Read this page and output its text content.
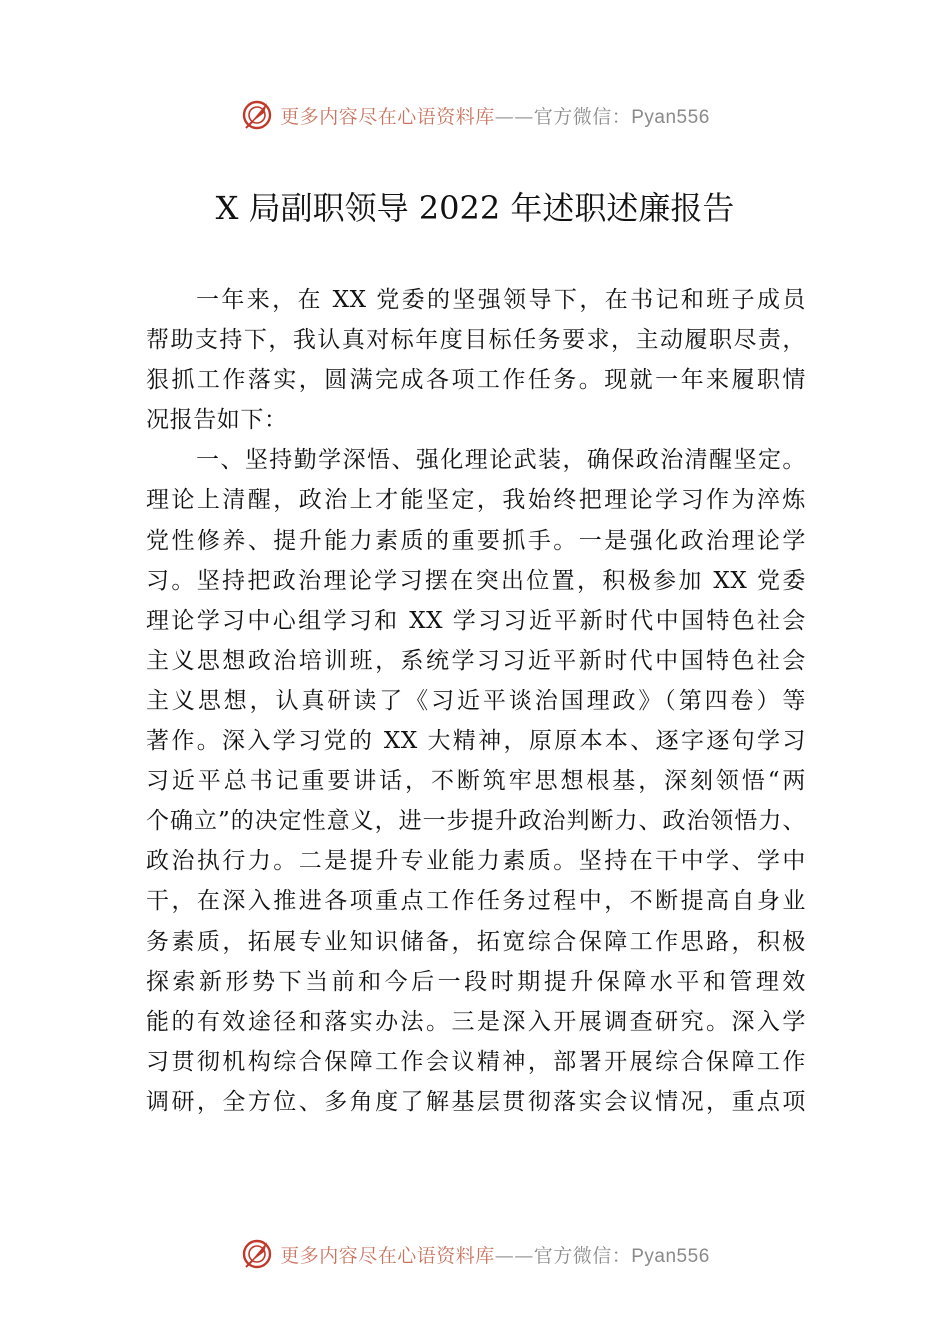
更多内容尽在心语资料库——官方微信：Pyan556
X 局副职领导 2022 年述职述廉报告
一年来，在 XX 党委的坚强领导下，在书记和班子成员
帮助支持下，我认真对标年度目标任务要求，主动履职尽责，
狠抓工作落实，圆满完成各项工作任务。现就一年来履职情
况报告如下：
一、坚持勤学深悟、强化理论武装，确保政治清醒坚定。
理论上清醒，政治上才能坚定，我始终把理论学习作为淬炼
党性修养、提升能力素质的重要抓手。一是强化政治理论学
习。坚持把政治理论学习摆在突出位置，积极参加 XX 党委
理论学习中心组学习和 XX 学习习近平新时代中国特色社会
主义思想政治培训班，系统学习习近平新时代中国特色社会
主义思想，认真研读了《习近平谈治国理政》（第四卷）等
著作。深入学习党的 XX 大精神，原原本本、逐字逐句学习
习近平总书记重要讲话，不断筑牢思想根基，深刻领悟“两
个确立”的决定性意义，进一步提升政治判断力、政治领悟力、
政治执行力。二是提升专业能力素质。坚持在干中学、学中
干，在深入推进各项重点工作任务过程中，不断提高自身业
务素质，拓展专业知识储备，拓宽综合保障工作思路，积极
探索新形势下当前和今后一段时期提升保障水平和管理效
能的有效途径和落实办法。三是深入开展调查研究。深入学
习贯彻机构综合保障工作会议精神，部署开展综合保障工作
调研，全方位、多角度了解基层贯彻落实会议情况，重点项
更多内容尽在心语资料库——官方微信：Pyan556
